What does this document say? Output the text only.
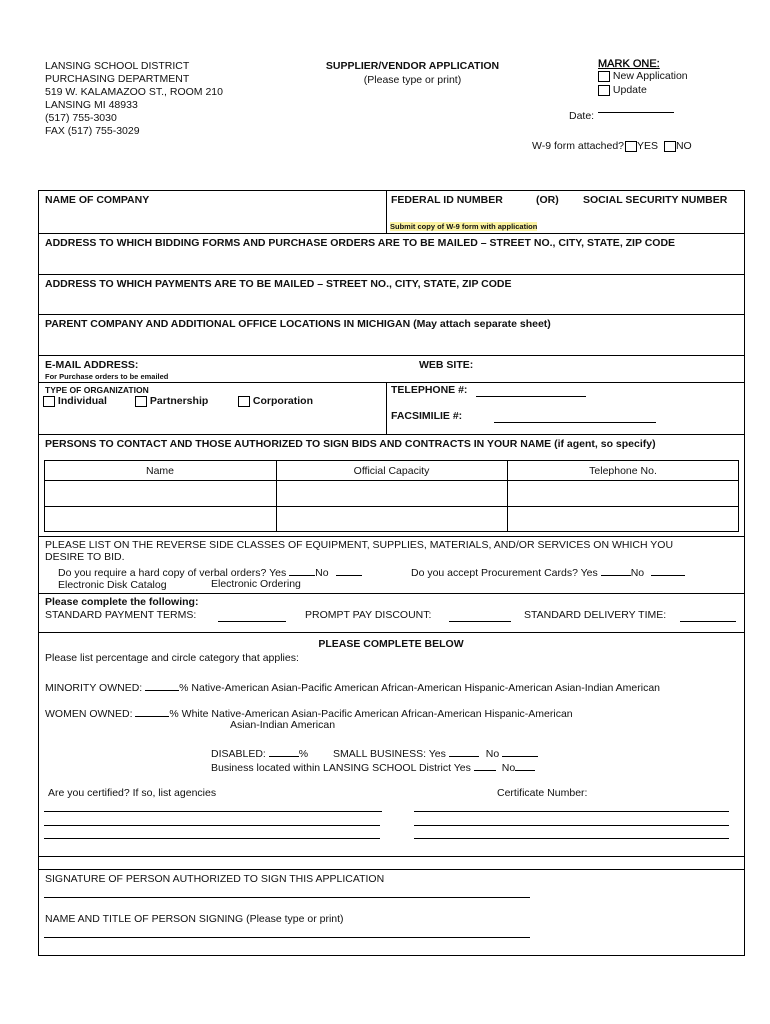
LANSING SCHOOL DISTRICT
PURCHASING DEPARTMENT
519 W. KALAMAZOO ST., ROOM 210
LANSING MI 48933
(517) 755-3030
FAX (517) 755-3029
SUPPLIER/VENDOR APPLICATION
(Please type or print)
MARK ONE:
New Application
Update
Date:
W-9 form attached? YES NO
NAME OF COMPANY	FEDERAL ID NUMBER	(OR) SOCIAL SECURITY NUMBER
Submit copy of W-9 form with application
ADDRESS TO WHICH BIDDING FORMS AND PURCHASE ORDERS ARE TO BE MAILED – STREET NO., CITY, STATE, ZIP CODE
ADDRESS TO WHICH PAYMENTS ARE TO BE MAILED – STREET NO., CITY, STATE, ZIP CODE
PARENT COMPANY AND ADDITIONAL OFFICE LOCATIONS IN MICHIGAN (May attach separate sheet)
E-MAIL ADDRESS:
For Purchase orders to be emailed
WEB SITE:
TYPE OF ORGANIZATION
Individual	Partnership	Corporation
TELEPHONE #:
FACSIMILIE #:
PERSONS TO CONTACT AND THOSE AUTHORIZED TO SIGN BIDS AND CONTRACTS IN YOUR NAME (if agent, so specify)
Name	Official Capacity	Telephone No.
PLEASE LIST ON THE REVERSE SIDE CLASSES OF EQUIPMENT, SUPPLIES, MATERIALS, AND/OR SERVICES ON WHICH YOU
DESIRE TO BID.
Do you require a hard copy of verbal orders? Yes	No	Do you accept Procurement Cards? Yes	No
Electronic Disk Catalog	Electronic Ordering
Please complete the following:
STANDARD PAYMENT TERMS:	PROMPT PAY DISCOUNT:	STANDARD DELIVERY TIME:
PLEASE COMPLETE BELOW
Please list percentage and circle category that applies:
MINORITY OWNED:	% Native-American Asian-Pacific American African-American Hispanic-American Asian-Indian American
WOMEN OWNED:	% White Native-American Asian-Pacific American African-American Hispanic-American
Asian-Indian American
DISABLED:	% SMALL BUSINESS: Yes	No
Business located within LANSING SCHOOL District Yes	No
Are you certified? If so, list agencies	Certificate Number:
SIGNATURE OF PERSON AUTHORIZED TO SIGN THIS APPLICATION
NAME AND TITLE OF PERSON SIGNING (Please type or print)
